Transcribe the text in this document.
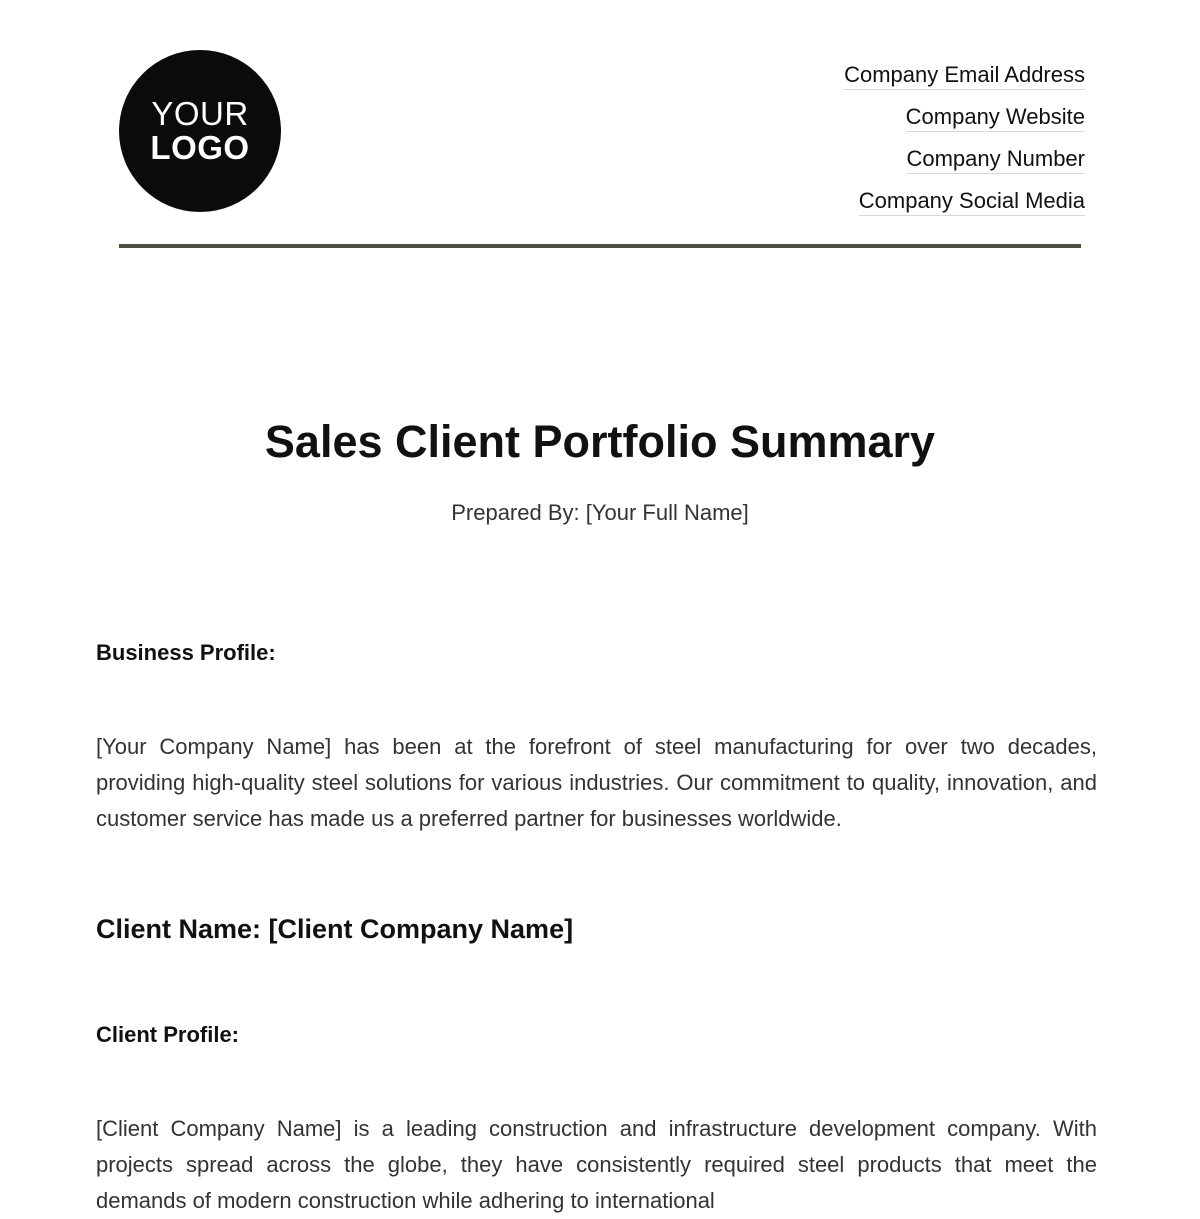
YOUR
LOGO
Company Email Address
Company Website
Company Number
Company Social Media
Sales Client Portfolio Summary
Prepared By: [Your Full Name]
Business Profile:

[Your Company Name] has been at the forefront of steel manufacturing for over two decades, providing high-quality steel solutions for various industries. Our commitment to quality, innovation, and customer service has made us a preferred partner for businesses worldwide.

Client Name: [Client Company Name]
Client Profile:

[Client Company Name] is a leading construction and infrastructure development company. With projects spread across the globe, they have consistently required steel products that meet the demands of modern construction while adhering to international
